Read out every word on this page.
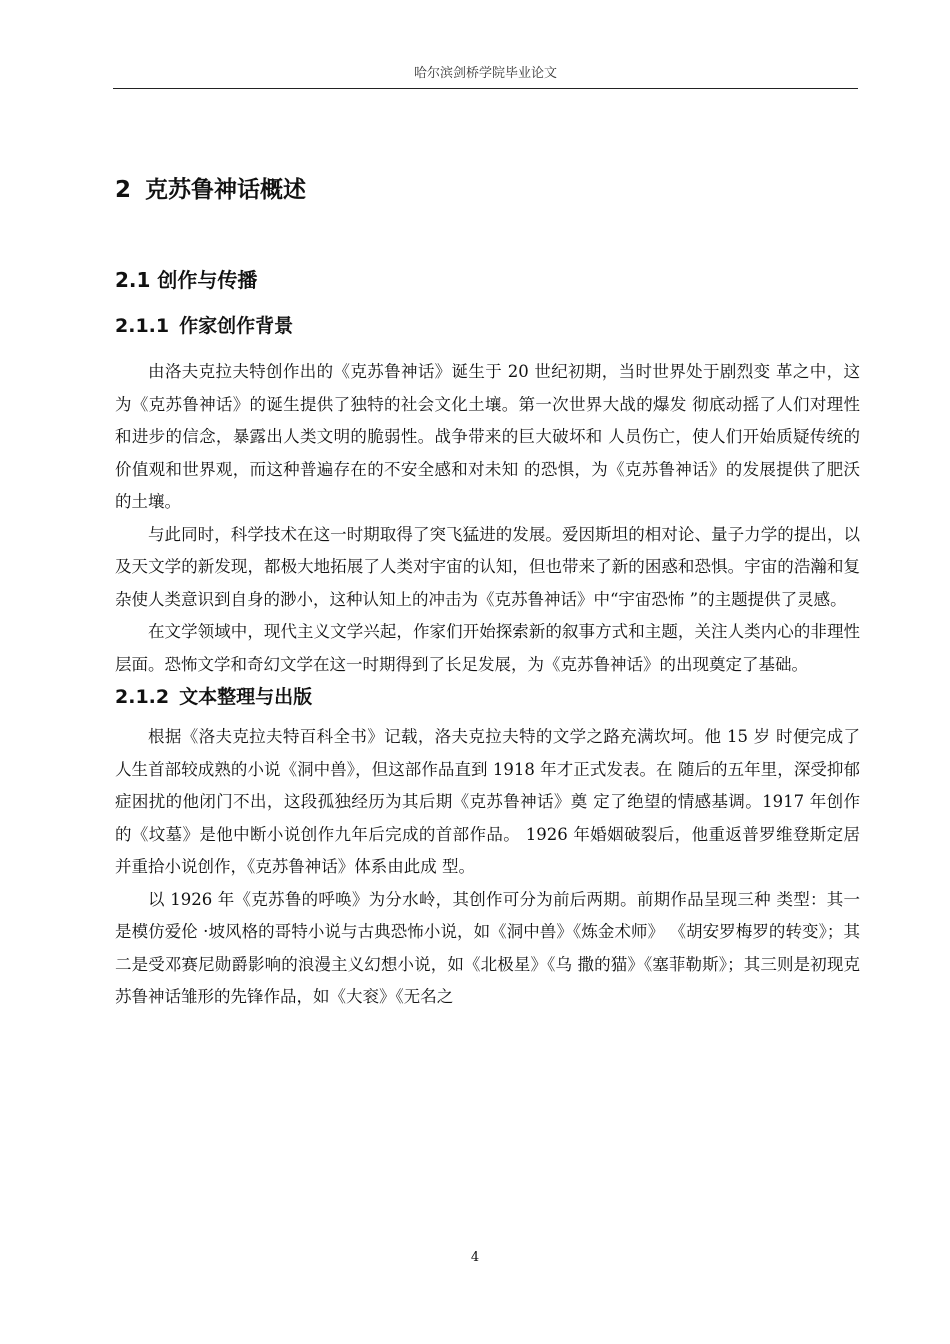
哈尔滨剑桥学院毕业论文
2 克苏鲁神话概述
2.1 创作与传播
2.1.1 作家创作背景

由洛夫克拉夫特创作出的《克苏鲁神话》诞生于 20 世纪初期，当时世界处于剧烈变 革之中，这为《克苏鲁神话》的诞生提供了独特的社会文化土壤。第一次世界大战的爆发 彻底动摇了人们对理性和进步的信念，暴露出人类文明的脆弱性。战争带来的巨大破坏和 人员伤亡，使人们开始质疑传统的价值观和世界观，而这种普遍存在的不安全感和对未知 的恐惧，为《克苏鲁神话》的发展提供了肥沃的土壤。

与此同时，科学技术在这一时期取得了突飞猛进的发展。爱因斯坦的相对论、量子力学的提出，以及天文学的新发现，都极大地拓展了人类对宇宙的认知，但也带来了新的困惑和恐惧。宇宙的浩瀚和复杂使人类意识到自身的渺小，这种认知上的冲击为《克苏鲁神话》中“宇宙恐怖 ”的主题提供了灵感。

在文学领域中，现代主义文学兴起，作家们开始探索新的叙事方式和主题，关注人类内心的非理性层面。恐怖文学和奇幻文学在这一时期得到了长足发展，为《克苏鲁神话》的出现奠定了基础。

2.1.2 文本整理与出版

根据《洛夫克拉夫特百科全书》记载，洛夫克拉夫特的文学之路充满坎坷。他 15 岁 时便完成了人生首部较成熟的小说《洞中兽》，但这部作品直到 1918 年才正式发表。在 随后的五年里，深受抑郁症困扰的他闭门不出，这段孤独经历为其后期《克苏鲁神话》奠 定了绝望的情感基调。1917 年创作的《坟墓》是他中断小说创作九年后完成的首部作品。 1926 年婚姻破裂后，他重返普罗维登斯定居并重拾小说创作，《克苏鲁神话》体系由此成 型。

以 1926 年《克苏鲁的呼唤》为分水岭，其创作可分为前后两期。前期作品呈现三种 类型：其一是模仿爱伦 ·坡风格的哥特小说与古典恐怖小说，如《洞中兽》《炼金术师》 《胡安罗梅罗的转变》；其二是受邓赛尼勋爵影响的浪漫主义幻想小说，如《北极星》《乌 撒的猫》《塞菲勒斯》；其三则是初现克苏鲁神话雏形的先锋作品，如《大衮》《无名之

4
